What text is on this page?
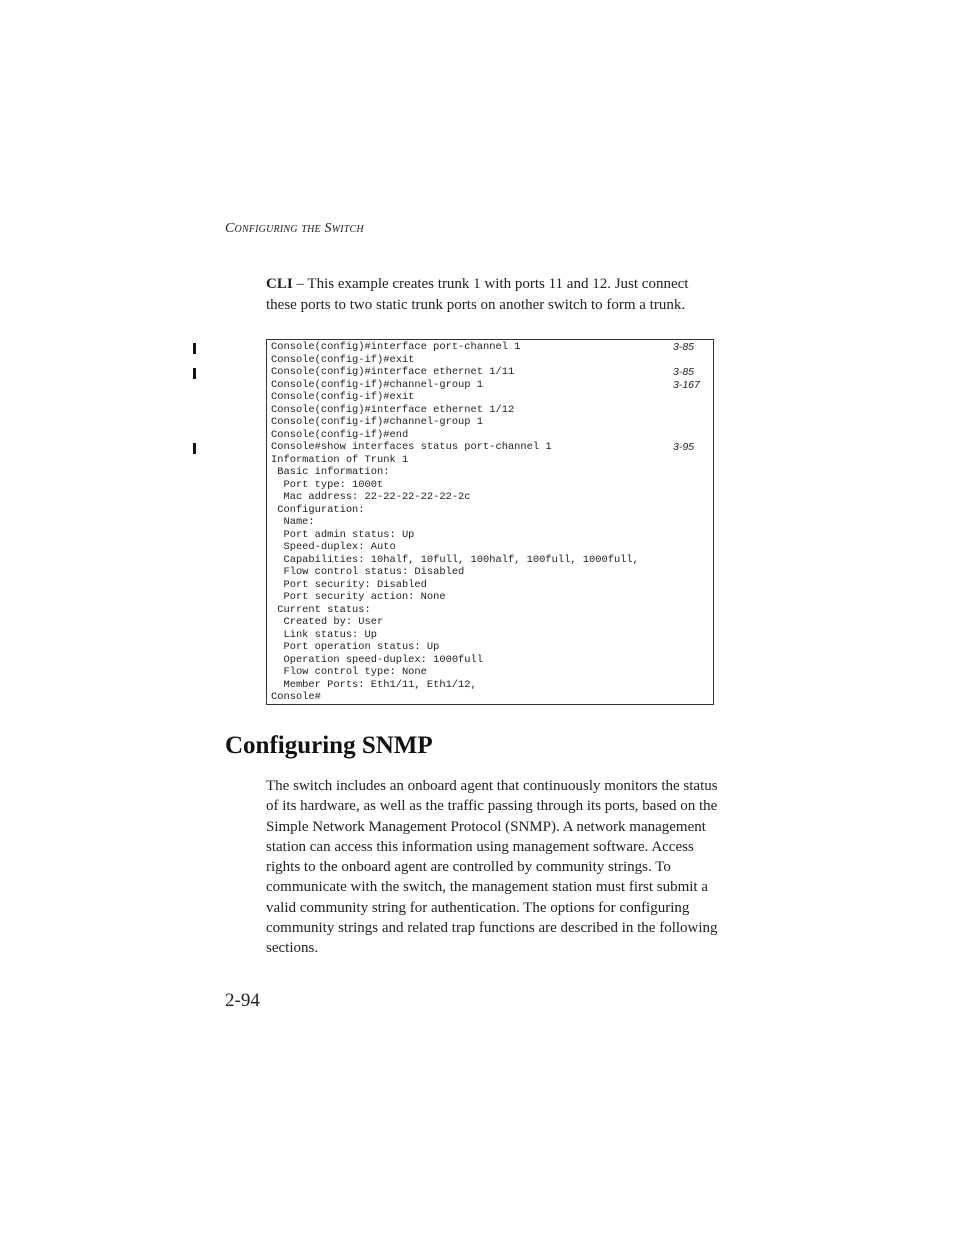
Configuring the Switch
CLI – This example creates trunk 1 with ports 11 and 12. Just connect these ports to two static trunk ports on another switch to form a trunk.
Console(config)#interface port-channel 1
Console(config-if)#exit
Console(config)#interface ethernet 1/11
Console(config-if)#channel-group 1
Console(config-if)#exit
Console(config)#interface ethernet 1/12
Console(config-if)#channel-group 1
Console(config-if)#end
Console#show interfaces status port-channel 1
Information of Trunk 1
Basic information:
Port type: 1000t
Mac address: 22-22-22-22-22-2c
Configuration:
Name:
Port admin status: Up
Speed-duplex: Auto
Capabilities: 10half, 10full, 100half, 100full, 1000full,
Flow control status: Disabled
Port security: Disabled
Port security action: None
Current status:
Created by: User
Link status: Up
Port operation status: Up
Operation speed-duplex: 1000full
Flow control type: None
Member Ports: Eth1/11, Eth1/12,
Console#
3-85
3-85
3-167
3-95
Configuring SNMP

The switch includes an onboard agent that continuously monitors the status of its hardware, as well as the traffic passing through its ports, based on the Simple Network Management Protocol (SNMP). A network management station can access this information using management software. Access rights to the onboard agent are controlled by community strings. To communicate with the switch, the management station must first submit a valid community string for authentication. The options for configuring community strings and related trap functions are described in the following sections.

2-94
